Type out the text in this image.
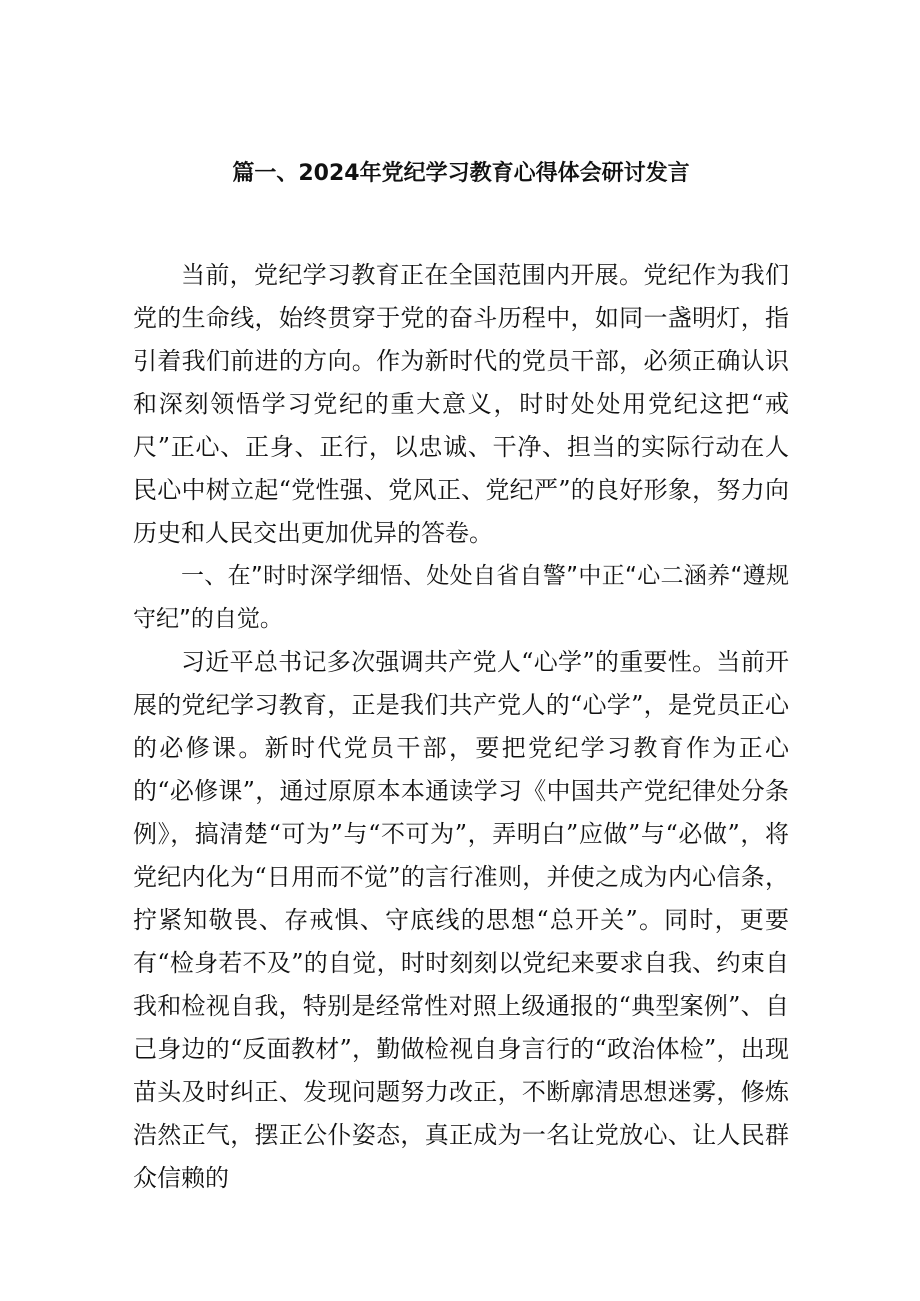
篇一、2024年党纪学习教育心得体会研讨发言

当前，党纪学习教育正在全国范围内开展。党纪作为我们党的生命线，始终贯穿于党的奋斗历程中，如同一盏明灯，指引着我们前进的方向。作为新时代的党员干部，必须正确认识和深刻领悟学习党纪的重大意义，时时处处用党纪这把“戒尺”正心、正身、正行，以忠诚、干净、担当的实际行动在人民心中树立起“党性强、党风正、党纪严”的良好形象，努力向历史和人民交出更加优异的答卷。

一、在”时时深学细悟、处处自省自警”中正“心二涵养“遵规守纪”的自觉。

习近平总书记多次强调共产党人“心学”的重要性。当前开展的党纪学习教育，正是我们共产党人的“心学”，是党员正心的必修课。新时代党员干部，要把党纪学习教育作为正心的“必修课”，通过原原本本通读学习《中国共产党纪律处分条例》，搞清楚“可为”与“不可为”，弄明白”应做”与“必做”，将党纪内化为“日用而不觉”的言行准则，并使之成为内心信条，拧紧知敬畏、存戒惧、守底线的思想“总开关”。同时，更要有“检身若不及”的自觉，时时刻刻以党纪来要求自我、约束自我和检视自我，特别是经常性对照上级通报的“典型案例”、自己身边的“反面教材”，勤做检视自身言行的“政治体检”，出现苗头及时纠正、发现问题努力改正，不断廓清思想迷雾，修炼浩然正气，摆正公仆姿态，真正成为一名让党放心、让人民群众信赖的
